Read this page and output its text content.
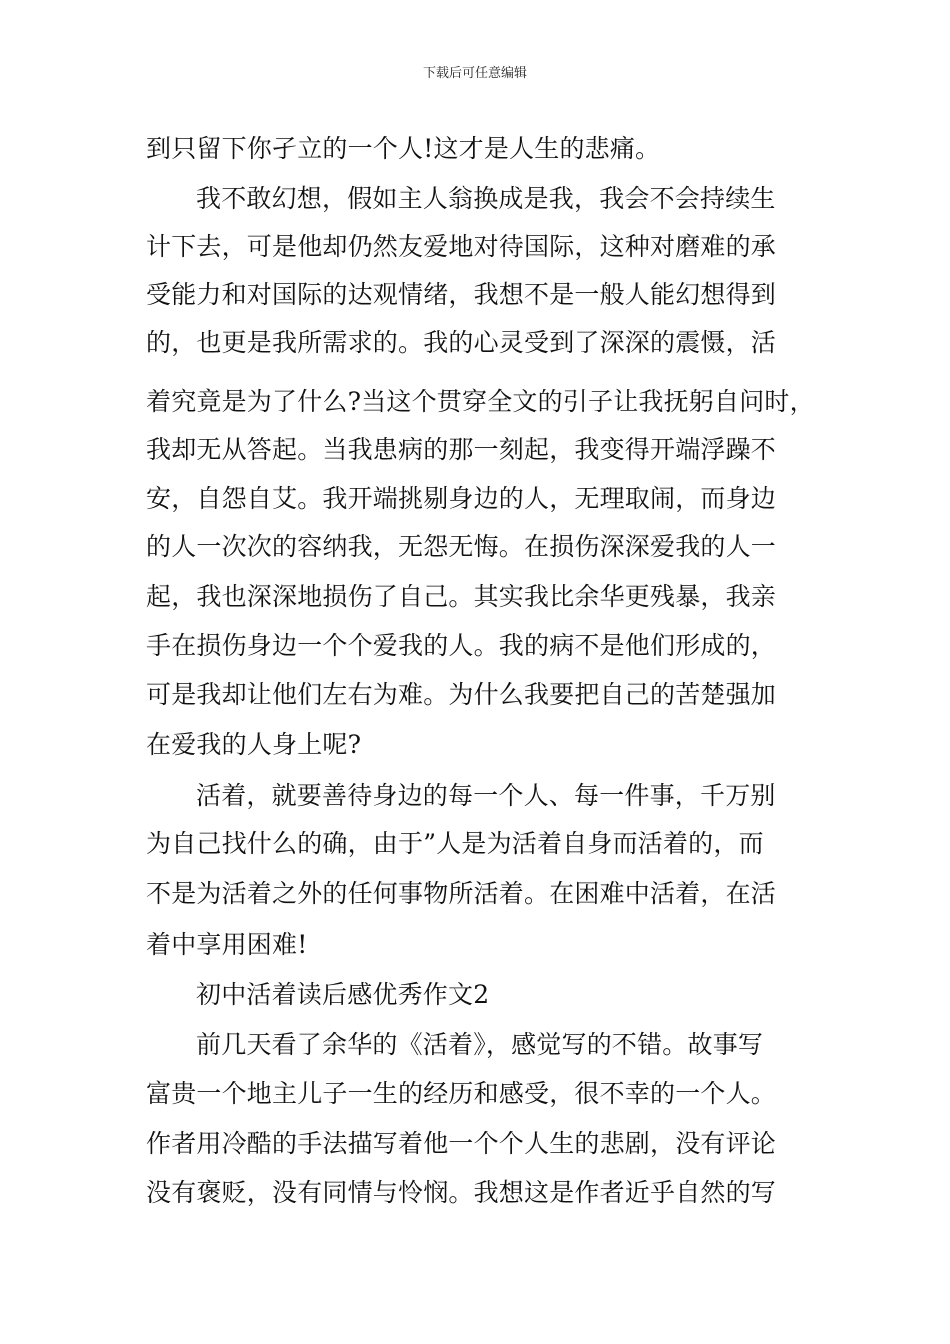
下载后可任意编辑
到只留下你孑立的一个人!这才是人生的悲痛。
我不敢幻想，假如主人翁换成是我，我会不会持续生
计下去，可是他却仍然友爱地对待国际，这种对磨难的承
受能力和对国际的达观情绪，我想不是一般人能幻想得到
的，也更是我所需求的。我的心灵受到了深深的震慑，活
着究竟是为了什么?当这个贯穿全文的引子让我抚躬自问时，
我却无从答起。当我患病的那一刻起，我变得开端浮躁不
安，自怨自艾。我开端挑剔身边的人，无理取闹，而身边
的人一次次的容纳我，无怨无悔。在损伤深深爱我的人一
起，我也深深地损伤了自己。其实我比余华更残暴，我亲
手在损伤身边一个个爱我的人。我的病不是他们形成的，
可是我却让他们左右为难。为什么我要把自己的苦楚强加
在爱我的人身上呢?
活着，就要善待身边的每一个人、每一件事，千万别
为自己找什么的确，由于”人是为活着自身而活着的，而
不是为活着之外的任何事物所活着。在困难中活着，在活
着中享用困难!
初中活着读后感优秀作文2
前几天看了余华的《活着》，感觉写的不错。故事写
富贵一个地主儿子一生的经历和感受，很不幸的一个人。
作者用冷酷的手法描写着他一个个人生的悲剧，没有评论
没有褒贬，没有同情与怜悯。我想这是作者近乎自然的写
